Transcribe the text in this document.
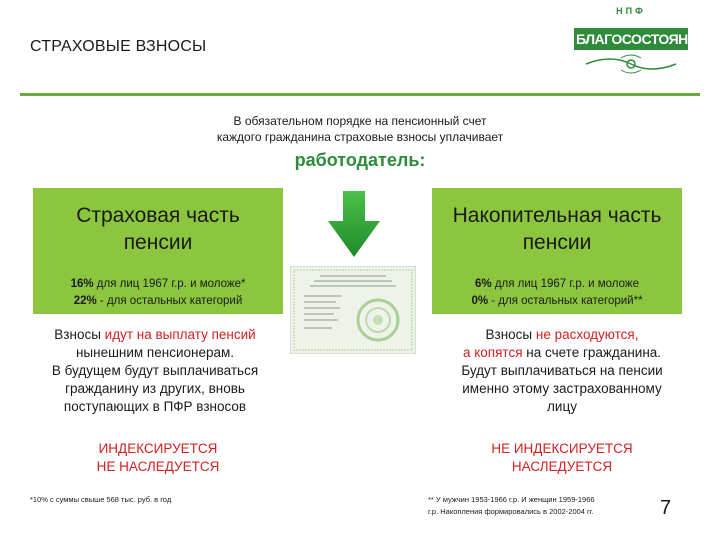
СТРАХОВЫЕ ВЗНОСЫ
НПФ
БЛАГОСОСТОЯНИЕ
В обязательном порядке на пенсионный счет
каждого гражданина страховые взносы уплачивает
работодатель:
Страховая часть
пенсии
16% для лиц 1967 г.р. и моложе*
22% - для остальных категорий
Накопительная часть
пенсии
6% для лиц 1967 г.р. и моложе
0% - для остальных категорий**
Взносы идут на выплату пенсий
нынешним пенсионерам.
В будущем будут выплачиваться
гражданину из других, вновь
поступающих в ПФР взносов
Взносы не расходуются,
а копятся на счете гражданина.
Будут выплачиваться на пенсии
именно этому застрахованному
лицу
ИНДЕКСИРУЕТСЯ
НЕ НАСЛЕДУЕТСЯ
НЕ ИНДЕКСИРУЕТСЯ
НАСЛЕДУЕТСЯ
*10% с суммы свыше 568 тыс. руб. в год	** У мужчин 1953-1966 г.р. И женщин 1959-1966
г.р. Накопления формировались в 2002-2004 гг.	7
